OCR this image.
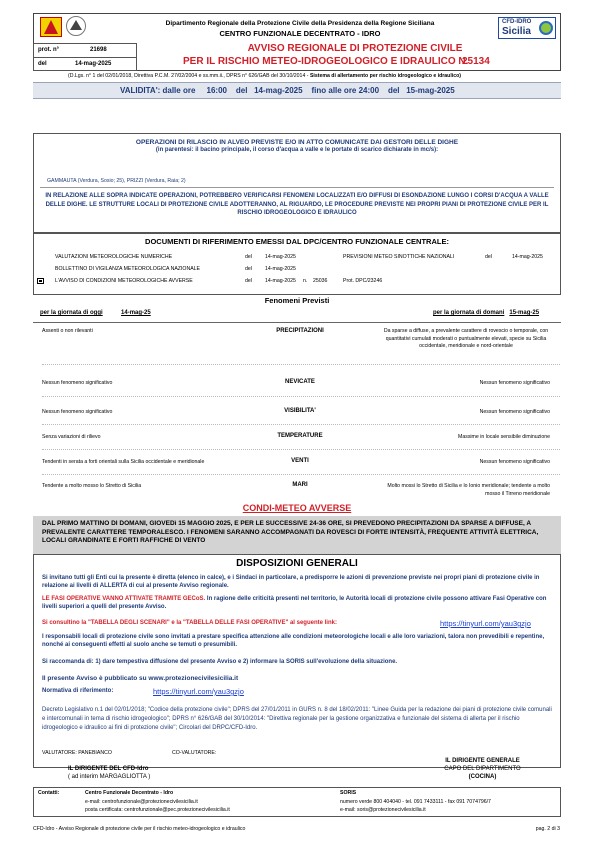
Dipartimento Regionale della Protezione Civile della Presidenza della Regione Siciliana
CENTRO FUNZIONALE DECENTRATO - IDRO
CFD-IDRO
Sicilia
prot. n°	21698
del	14-mag-2025
AVVISO REGIONALE DI PROTEZIONE CIVILE
PER IL RISCHIO METEO-IDROGEOLOGICO E IDRAULICO N.
25134
(D.Lgs. n° 1 del 02/01/2018, Direttiva P.C.M. 27/02/2004 e ss.mm.ii., DPRS n° 626/GAB del 30/10/2014 - Sistema di allertamento per rischio idrogeologico e idraulico)
VALIDITA': dalle ore 16:00 del 14-mag-2025 fino alle ore 24:00 del 15-mag-2025
OPERAZIONI DI RILASCIO IN ALVEO PREVISTE E/O IN ATTO COMUNICATE DAI GESTORI DELLE DIGHE
(in parentesi: il bacino principale, il corso d'acqua a valle e le portate di scarico dichiarate in mc/s):
GAMMAUTA (Verdura, Sosio; 25), PRIZZI (Verdura, Raia; 2)
IN RELAZIONE ALLE SOPRA INDICATE OPERAZIONI, POTREBBERO VERIFICARSI FENOMENI LOCALIZZATI E/O DIFFUSI DI ESONDAZIONE LUNGO I CORSI D'ACQUA A VALLE DELLE DIGHE. LE STRUTTURE LOCALI DI PROTEZIONE CIVILE ADOTTERANNO, AL RIGUARDO, LE PROCEDURE PREVISTE NEI PROPRI PIANI DI PROTEZIONE CIVILE PER IL RISCHIO IDROGEOLOGICO E IDRAULICO
DOCUMENTI DI RIFERIMENTO EMESSI DAL DPC/CENTRO FUNZIONALE CENTRALE:
VALUTAZIONI METEOROLOGICHE NUMERICHE	del	14-mag-2025	PREVISIONI METEO SINOTTICHE NAZIONALI	del	14-mag-2025
BOLLETTINO DI VIGILANZA METEOROLOGICA NAZIONALE	del	14-mag-2025
L'AVVISO DI CONDIZIONI METEOROLOGICHE AVVERSE	del	14-mag-2025 n. 25036	Prot. DPC/23246
Fenomeni Previsti
per la giornata di oggi	14-mag-25	per la giornata di domani 15-mag-25
Assenti o non rilevanti	PRECIPITAZIONI	Da sparse a diffuse, a prevalente carattere di rovescio o temporale, con quantitativi cumulati moderati o puntualmente elevati, specie su Sicilia occidentale, meridionale e nord-orientale
Nessun fenomeno significativo	NEVICATE	Nessun fenomeno significativo
Nessun fenomeno significativo	VISIBILITA'	Nessun fenomeno significativo
Senza variazioni di rilievo	TEMPERATURE	Massime in locale sensibile diminuzione
Tendenti in serata a forti orientali sulla Sicilia occidentale e meridionale	VENTI	Nessun fenomeno significativo
Tendente a molto mosso lo Stretto di Sicilia	MARI	Molto mossi lo Stretto di Sicilia e lo Ionio meridionale; tendente a molto mosso il Tirreno meridionale
CONDI-METEO AVVERSE
DAL PRIMO MATTINO DI DOMANI, GIOVEDì 15 MAGGIO 2025, E PER LE SUCCESSIVE 24-36 ORE, SI PREVEDONO PRECIPITAZIONI DA SPARSE A DIFFUSE, A PREVALENTE CARATTERE TEMPORALESCO. I FENOMENI SARANNO ACCOMPAGNATI DA ROVESCI DI FORTE INTENSITÀ, FREQUENTE ATTIVITÀ ELETTRICA, LOCALI GRANDINATE E FORTI RAFFICHE DI VENTO
DISPOSIZIONI GENERALI
Si invitano tutti gli Enti cui la presente è diretta (elenco in calce), e i Sindaci in particolare, a predisporre le azioni di prevenzione previste nei propri piani di protezione civile in relazione ai livelli di ALLERTA di cui al presente Avviso regionale.
LE FASI OPERATIVE VANNO ATTIVATE TRAMITE GECoS. In ragione delle criticità presenti nel territorio, le Autorità locali di protezione civile possono attivare Fasi Operative con livelli superiori a quelli del presente Avviso.
Si consultino la "TABELLA DEGLI SCENARI" e la "TABELLA DELLE FASI OPERATIVE" al seguente link:	https://tinyurl.com/yau3gzjo
I responsabili locali di protezione civile sono invitati a prestare specifica attenzione alle condizioni meteorologiche locali e alle loro variazioni, talora non prevedibili e repentine, nonché ai conseguenti effetti al suolo anche se temuti o presumibili.
Si raccomanda di: 1) dare tempestiva diffusione del presente Avviso e 2) informare la SORIS sull'evoluzione della situazione.
Il presente Avviso è pubblicato su www.protezionecivilesicilia.it
Normativa di riferimento:	https://tinyurl.com/yau3gzjo
Decreto Legislativo n.1 del 02/01/2018; "Codice della protezione civile"; DPRS del 27/01/2011 in GURS n. 8 del 18/02/2011: "Linee Guida per la redazione dei piani di protezione civile comunali e intercomunali in tema di rischio idrogeologico"; DPRS n° 626/GAB del 30/10/2014: "Direttiva regionale per la gestione organizzativa e funzionale del sistema di allerta per il rischio idrogeologico e idraulico ai fini di protezione civile"; Circolari del DRPC/CFD-Idro.
VALUTATORE: PANEBIANCO	CO-VALUTATORE:
IL DIRIGENTE DEL CFD-Idro
( ad interim MARGAGLIOTTA )
IL DIRIGENTE GENERALE
CAPO DEL DIPARTIMENTO
(COCINA)
Contatti:	Centro Funzionale Decentrato - Idro
e-mail: centrofunzionale@protezionecivilesicilia.it
posta certificata: centrofunzionale@pec.protezionecivilesicilia.it
SORIS
numero verde 800 404040 - tel. 091 7433111 - fax 091 7074796/7
e-mail: soris@protezionecivilesicilia.it
CFD-Idro - Avviso Regionale di protezione civile per il rischio meteo-idrogeologico e idraulico	pag. 2 di 3
